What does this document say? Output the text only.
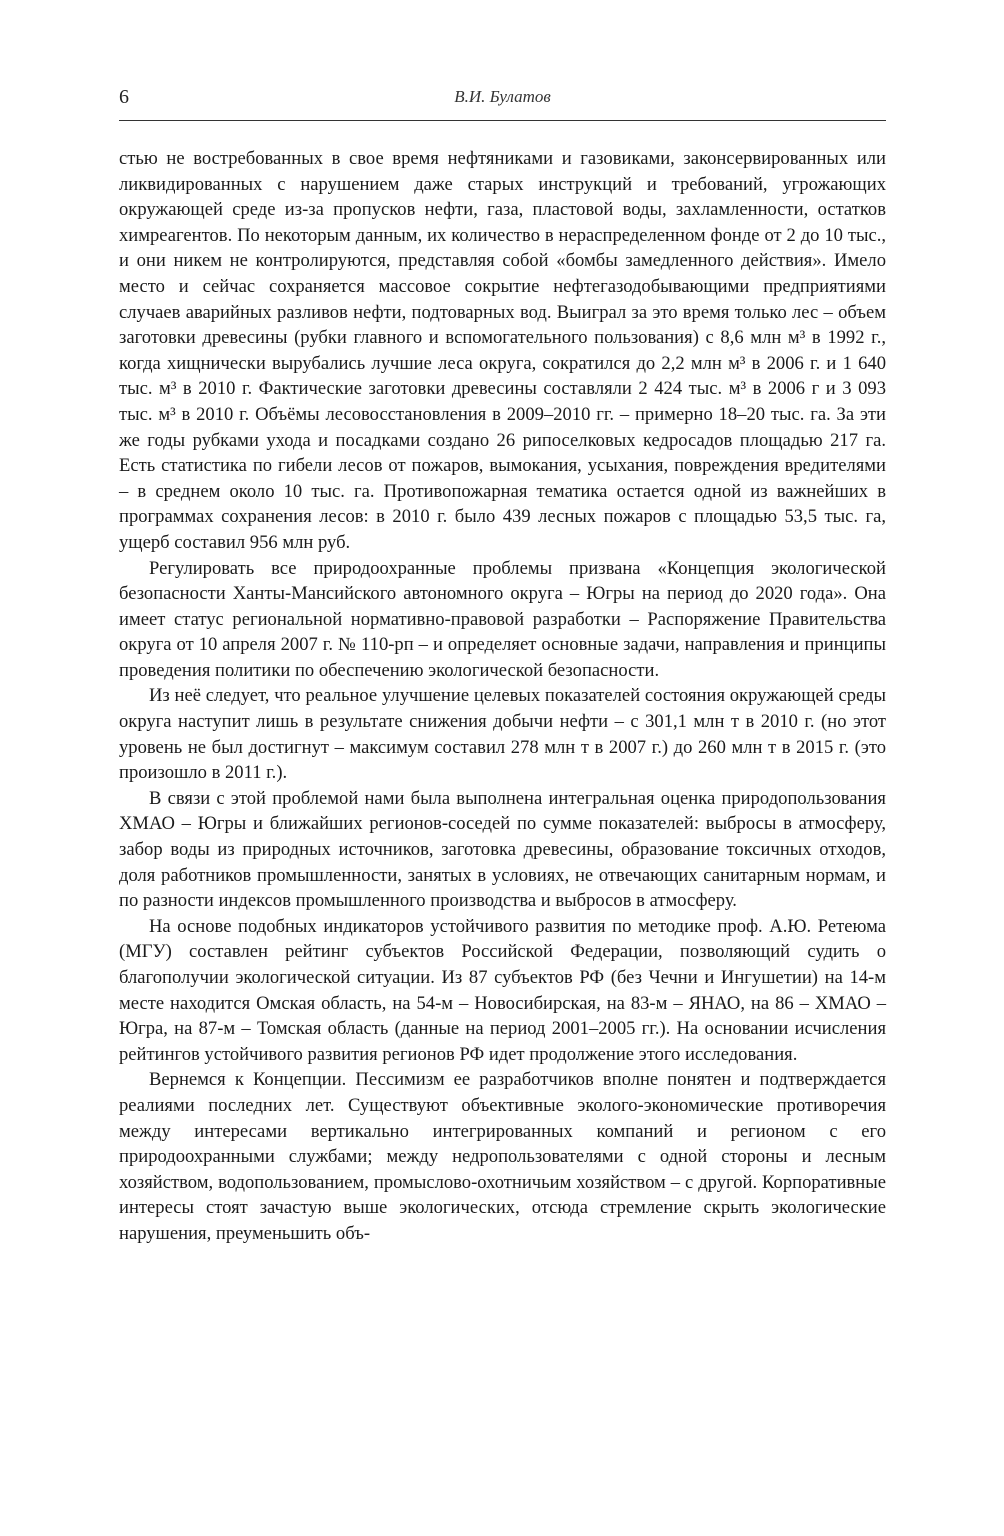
6	В.И. Булатов

стью не востребованных в свое время нефтяниками и газовиками, законсервированных или ликвидированных с нарушением даже старых инструкций и требований, угрожающих окружающей среде из-за пропусков нефти, газа, пластовой воды, захламленности, остатков химреагентов. По некоторым данным, их количество в нераспределенном фонде от 2 до 10 тыс., и они никем не контролируются, представляя собой «бомбы замедленного действия». Имело место и сейчас сохраняется массовое сокрытие нефтегазодобывающими предприятиями случаев аварийных разливов нефти, подтоварных вод. Выиграл за это время только лес – объем заготовки древесины (рубки главного и вспомогательного пользования) с 8,6 млн м³ в 1992 г., когда хищнически вырубались лучшие леса округа, сократился до 2,2 млн м³ в 2006 г. и 1 640 тыс. м³ в 2010 г. Фактические заготовки древесины составляли 2 424 тыс. м³ в 2006 г и 3 093 тыс. м³ в 2010 г. Объёмы лесовосстановления в 2009–2010 гг. – примерно 18–20 тыс. га. За эти же годы рубками ухода и посадками создано 26 рипоселковых кедросадов площадью 217 га. Есть статистика по гибели лесов от пожаров, вымокания, усыхания, повреждения вредителями – в среднем около 10 тыс. га. Противопожарная тематика остается одной из важнейших в программах сохранения лесов: в 2010 г. было 439 лесных пожаров с площадью 53,5 тыс. га, ущерб составил 956 млн руб.

Регулировать все природоохранные проблемы призвана «Концепция экологической безопасности Ханты-Мансийского автономного округа – Югры на период до 2020 года». Она имеет статус региональной нормативно-правовой разработки – Распоряжение Правительства округа от 10 апреля 2007 г. № 110-рп – и определяет основные задачи, направления и принципы проведения политики по обеспечению экологической безопасности.

Из неё следует, что реальное улучшение целевых показателей состояния окружающей среды округа наступит лишь в результате снижения добычи нефти – с 301,1 млн т в 2010 г. (но этот уровень не был достигнут – максимум составил 278 млн т в 2007 г.) до 260 млн т в 2015 г. (это произошло в 2011 г.).

В связи с этой проблемой нами была выполнена интегральная оценка природопользования ХМАО – Югры и ближайших регионов-соседей по сумме показателей: выбросы в атмосферу, забор воды из природных источников, заготовка древесины, образование токсичных отходов, доля работников промышленности, занятых в условиях, не отвечающих санитарным нормам, и по разности индексов промышленного производства и выбросов в атмосферу.

На основе подобных индикаторов устойчивого развития по методике проф. А.Ю. Ретеюма (МГУ) составлен рейтинг субъектов Российской Федерации, позволяющий судить о благополучии экологической ситуации. Из 87 субъектов РФ (без Чечни и Ингушетии) на 14-м месте находится Омская область, на 54-м – Новосибирская, на 83-м – ЯНАО, на 86 – ХМАО – Югра, на 87-м – Томская область (данные на период 2001–2005 гг.). На основании исчисления рейтингов устойчивого развития регионов РФ идет продолжение этого исследования.

Вернемся к Концепции. Пессимизм ее разработчиков вполне понятен и подтверждается реалиями последних лет. Существуют объективные эколого-экономические противоречия между интересами вертикально интегрированных компаний и регионом с его природоохранными службами; между недропользователями с одной стороны и лесным хозяйством, водопользованием, промыслово-охотничьим хозяйством – с другой. Корпоративные интересы стоят зачастую выше экологических, отсюда стремление скрыть экологические нарушения, преуменьшить объ-
